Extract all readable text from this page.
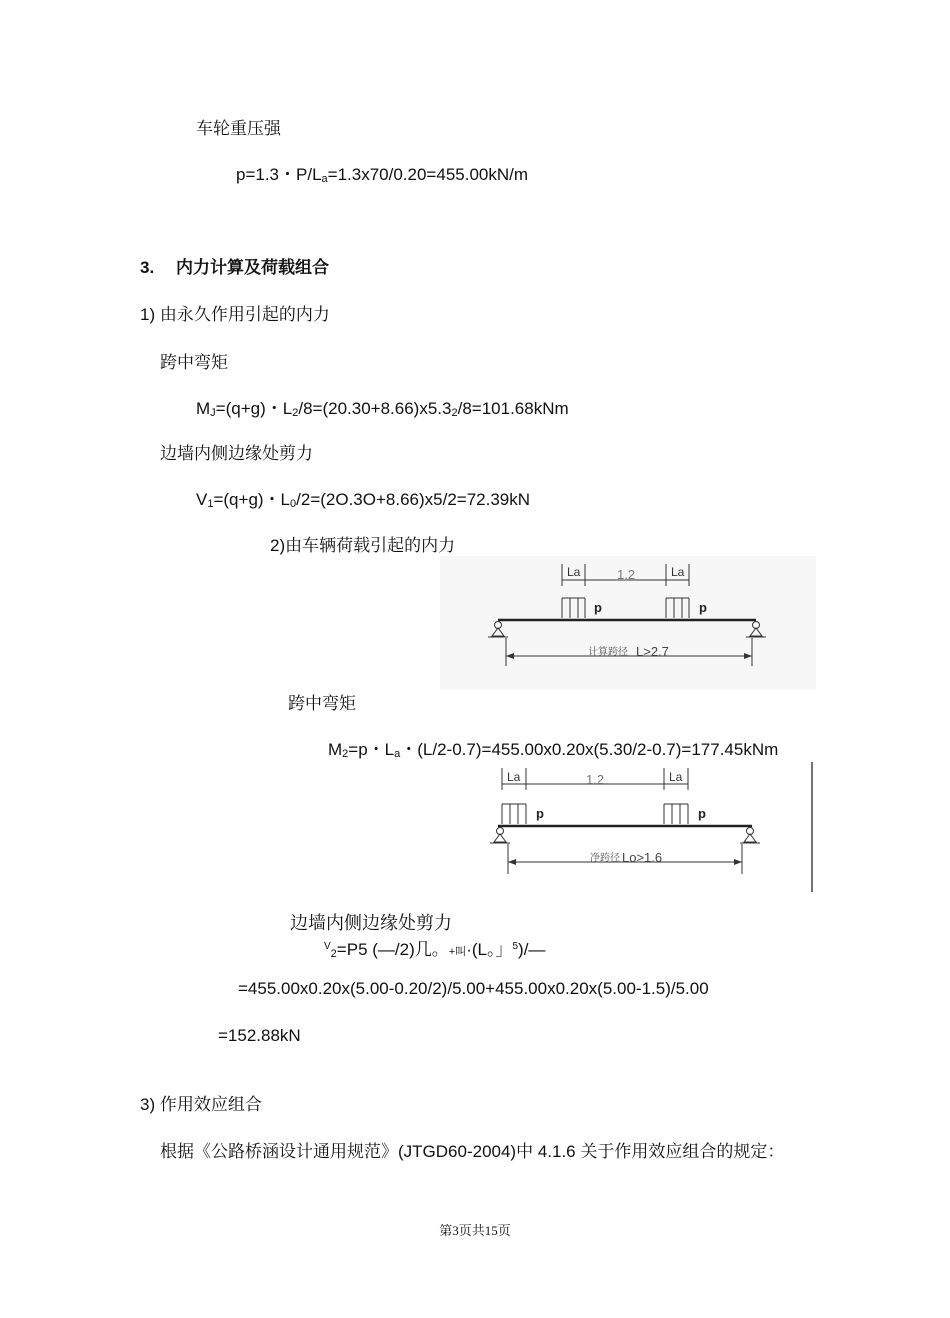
车轮重压强
p=1.3・P/La=1.3x70/0.20=455.00kN/m
3. 内力计算及荷载组合
1) 由永久作用引起的内力
跨中弯矩
MJ=(q+g)・L2/8=(20.30+8.66)x5.32/8=101.68kNm
边墙内侧边缘处剪力
V1=(q+g)・L0/2=(2O.3O+8.66)x5/2=72.39kN
2)由车辆荷载引起的内力
La	1.2	La
p	p
计算跨径 L>2.7
跨中弯矩
M2=p・La・(L/2-0.7)=455.00x0.20x(5.30/2-0.7)=177.45kNm
La	1.2	La
p	p
净跨径 Lo>1.6
边墙内侧边缘处剪力
$^V$2=P5 (—/2)几。+叫·(L。」$^5$)/—
=455.00x0.20x(5.00-0.20/2)/5.00+455.00x0.20x(5.00-1.5)/5.00
=152.88kN
3) 作用效应组合
根据《公路桥涵设计通用规范》(JTGD60-2004)中 4.1.6 关于作用效应组合的规定：
第3页共15页
